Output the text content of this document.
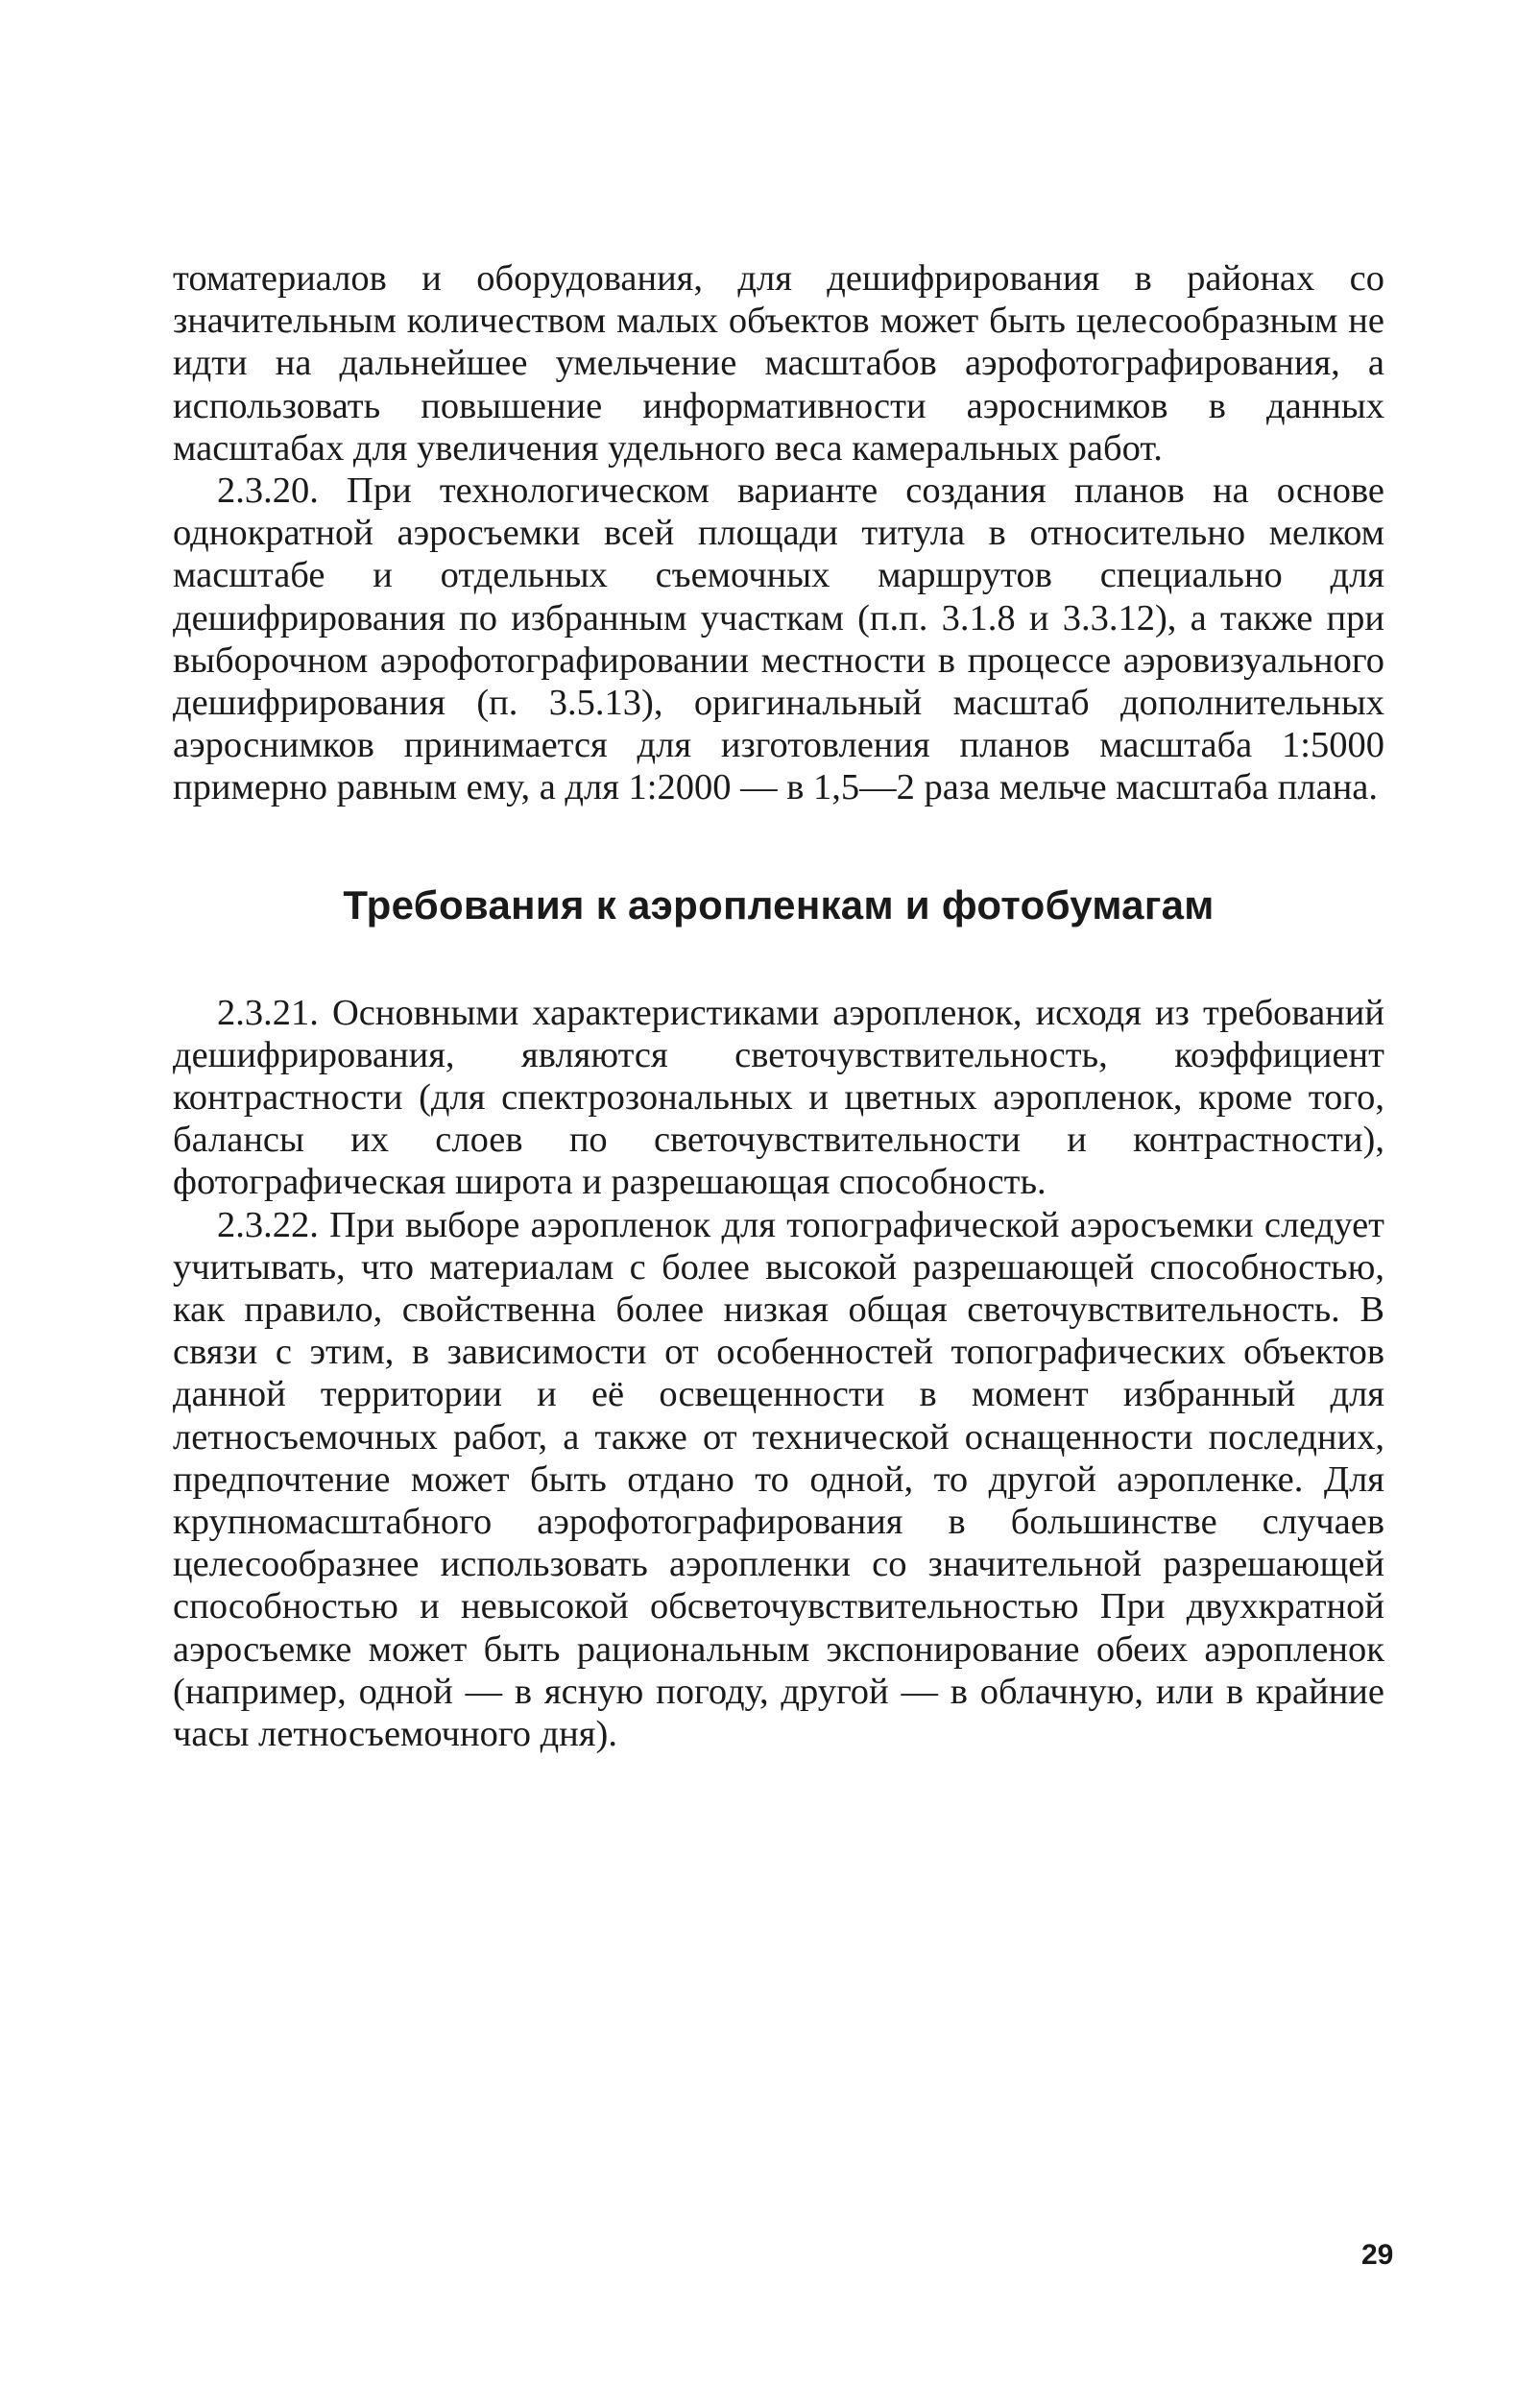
томатериалов и оборудования, для дешифрирования в районах со значительным количеством малых объектов может быть целесообразным не идти на дальнейшее умельчение масштабов аэрофотографирования, а использовать повышение информативности аэроснимков в данных масштабах для увеличения удельного веса камеральных работ.

2.3.20. При технологическом варианте создания планов на основе однократной аэросъемки всей площади титула в относительно мелком масштабе и отдельных съемочных маршрутов специально для дешифрирования по избранным участкам (п.п. 3.1.8 и 3.3.12), а также при выборочном аэрофотографировании местности в процессе аэровизуального дешифрирования (п. 3.5.13), оригинальный масштаб дополнительных аэроснимков принимается для изготовления планов масштаба 1:5000 примерно равным ему, а для 1:2000 — в 1,5—2 раза мельче масштаба плана.

Требования к аэропленкам и фотобумагам

2.3.21. Основными характеристиками аэропленок, исходя из требований дешифрирования, являются светочувствительность, коэффициент контрастности (для спектрозональных и цветных аэропленок, кроме того, балансы их слоев по светочувствительности и контрастности), фотографическая широта и разрешающая способность.

2.3.22. При выборе аэропленок для топографической аэросъемки следует учитывать, что материалам с более высокой разрешающей способностью, как правило, свойственна более низкая общая светочувствительность. В связи с этим, в зависимости от особенностей топографических объектов данной территории и её освещенности в момент избранный для летносъемочных работ, а также от технической оснащенности последних, предпочтение может быть отдано то одной, то другой аэропленке. Для крупномасштабного аэрофотографирования в большинстве случаев целесообразнее использовать аэропленки со значительной разрешающей способностью и невысокой обсветочувствительностью При двухкратной аэросъемке может быть рациональным экспонирование обеих аэропленок (например, одной — в ясную погоду, другой — в облачную, или в крайние часы летносъемочного дня).

29
